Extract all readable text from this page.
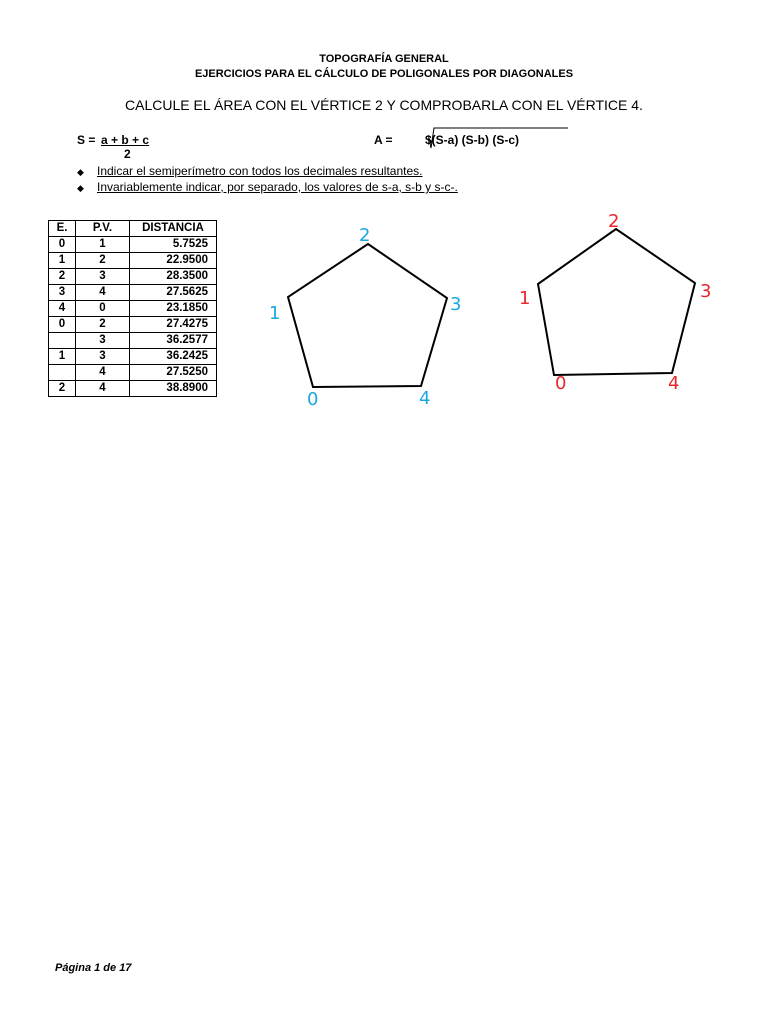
TOPOGRAFÍA GENERAL
EJERCICIOS PARA EL CÁLCULO DE POLIGONALES POR DIAGONALES
CALCULE EL ÁREA CON EL VÉRTICE 2 Y COMPROBARLA CON EL VÉRTICE 4.
S = a + b + c
2
A =	$(S-a) (S-b) (S-c)
◆ Indicar el semiperímetro con todos los decimales resultantes.
◆ Invariablemente indicar, por separado, los valores de s-a, s-b y s-c-.
E.	P.V.	DISTANCIA
0	1	5.7525
1	2	22.9500
2	3	28.3500
3	4	27.5625
4	0	23.1850
0	2	27.4275
	3	36.2577
1	3	36.2425
	4	27.5250
2	4	38.8900
0
1
2
3
4
0
1
2
3
4
Página 1 de 17
